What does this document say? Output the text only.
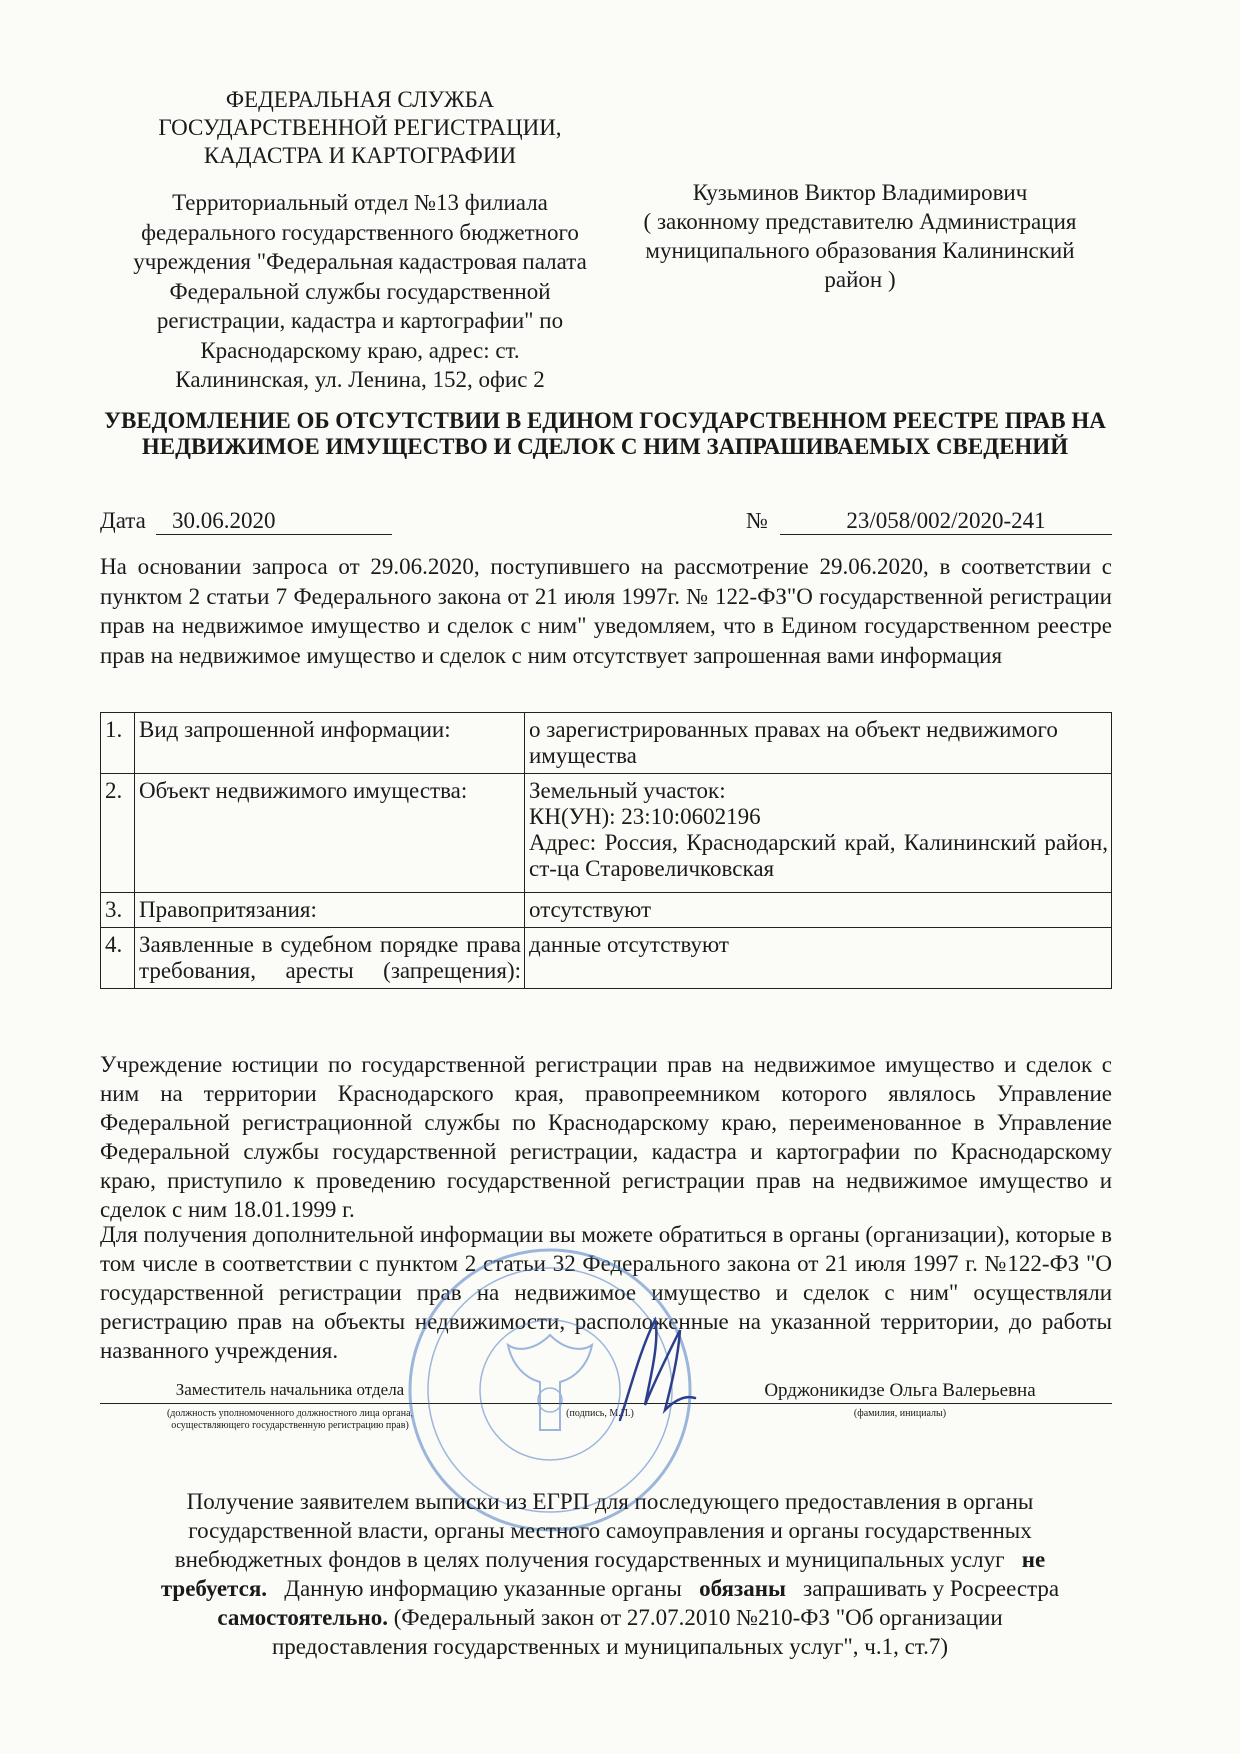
ФЕДЕРАЛЬНАЯ СЛУЖБА
ГОСУДАРСТВЕННОЙ РЕГИСТРАЦИИ,
КАДАСТРА И КАРТОГРАФИИ
Территориальный отдел №13 филиала
федерального государственного бюджетного
учреждения "Федеральная кадастровая палата
Федеральной службы государственной
регистрации, кадастра и картографии" по
Краснодарскому краю, адрес: ст.
Калининская, ул. Ленина, 152, офис 2
Кузьминов Виктор Владимирович
( законному представителю Администрация
муниципального образования Калининский
район )
УВЕДОМЛЕНИЕ ОБ ОТСУТСТВИИ В ЕДИНОМ ГОСУДАРСТВЕННОМ РЕЕСТРЕ ПРАВ НА НЕДВИЖИМОЕ ИМУЩЕСТВО И СДЕЛОК С НИМ ЗАПРАШИВАЕМЫХ СВЕДЕНИЙ
Дата	30.06.2020	№	23/058/002/2020-241
На основании запроса от 29.06.2020, поступившего на рассмотрение 29.06.2020, в соответствии с пунктом 2 статьи 7 Федерального закона от 21 июля 1997г. № 122-ФЗ"О государственной регистрации прав на недвижимое имущество и сделок с ним" уведомляем, что в Едином государственном реестре прав на недвижимое имущество и сделок с ним отсутствует запрошенная вами информация
1.	Вид запрошенной информации:	о зарегистрированных правах на объект недвижимого имущества

2.	Объект недвижимого имущества:	Земельный участок:
КН(УН): 23:10:0602196
Адрес: Россия, Краснодарский край, Калининский район, ст-ца Старовеличковская

3.	Правопритязания:	отсутствуют

4.	Заявленные в судебном порядке права требования, аресты (запрещения):	данные отсутствуют
Учреждение юстиции по государственной регистрации прав на недвижимое имущество и сделок с ним на территории Краснодарского края, правопреемником которого являлось Управление Федеральной регистрационной службы по Краснодарскому краю, переименованное в Управление Федеральной службы государственной регистрации, кадастра и картографии по Краснодарскому краю, приступило к проведению государственной регистрации прав на недвижимое имущество и сделок с ним 18.01.1999 г.
Для получения дополнительной информации вы можете обратиться в органы (организации), которые в том числе в соответствии с пунктом 2 статьи 32 Федерального закона от 21 июля 1997 г. №122-ФЗ "О государственной регистрации прав на недвижимое имущество и сделок с ним" осуществляли регистрацию прав на объекты недвижимости, расположенные на указанной территории, до работы названного учреждения.
Заместитель начальника отдела	Орджоникидзе Ольга Валерьевна
(должность уполномоченного должностного лица органа,
осуществляющего государственную регистрацию прав)
(подпись, М.П.)	(фамилия, инициалы)
Получение заявителем выписки из ЕГРП для последующего предоставления в органы
государственной власти, органы местного самоуправления и органы государственных
внебюджетных фондов в целях получения государственных и муниципальных услуг не
требуется. Данную информацию указанные органы обязаны запрашивать у Росреестра
самостоятельно. (Федеральный закон от 27.07.2010 №210-ФЗ "Об организации
предоставления государственных и муниципальных услуг", ч.1, ст.7)
